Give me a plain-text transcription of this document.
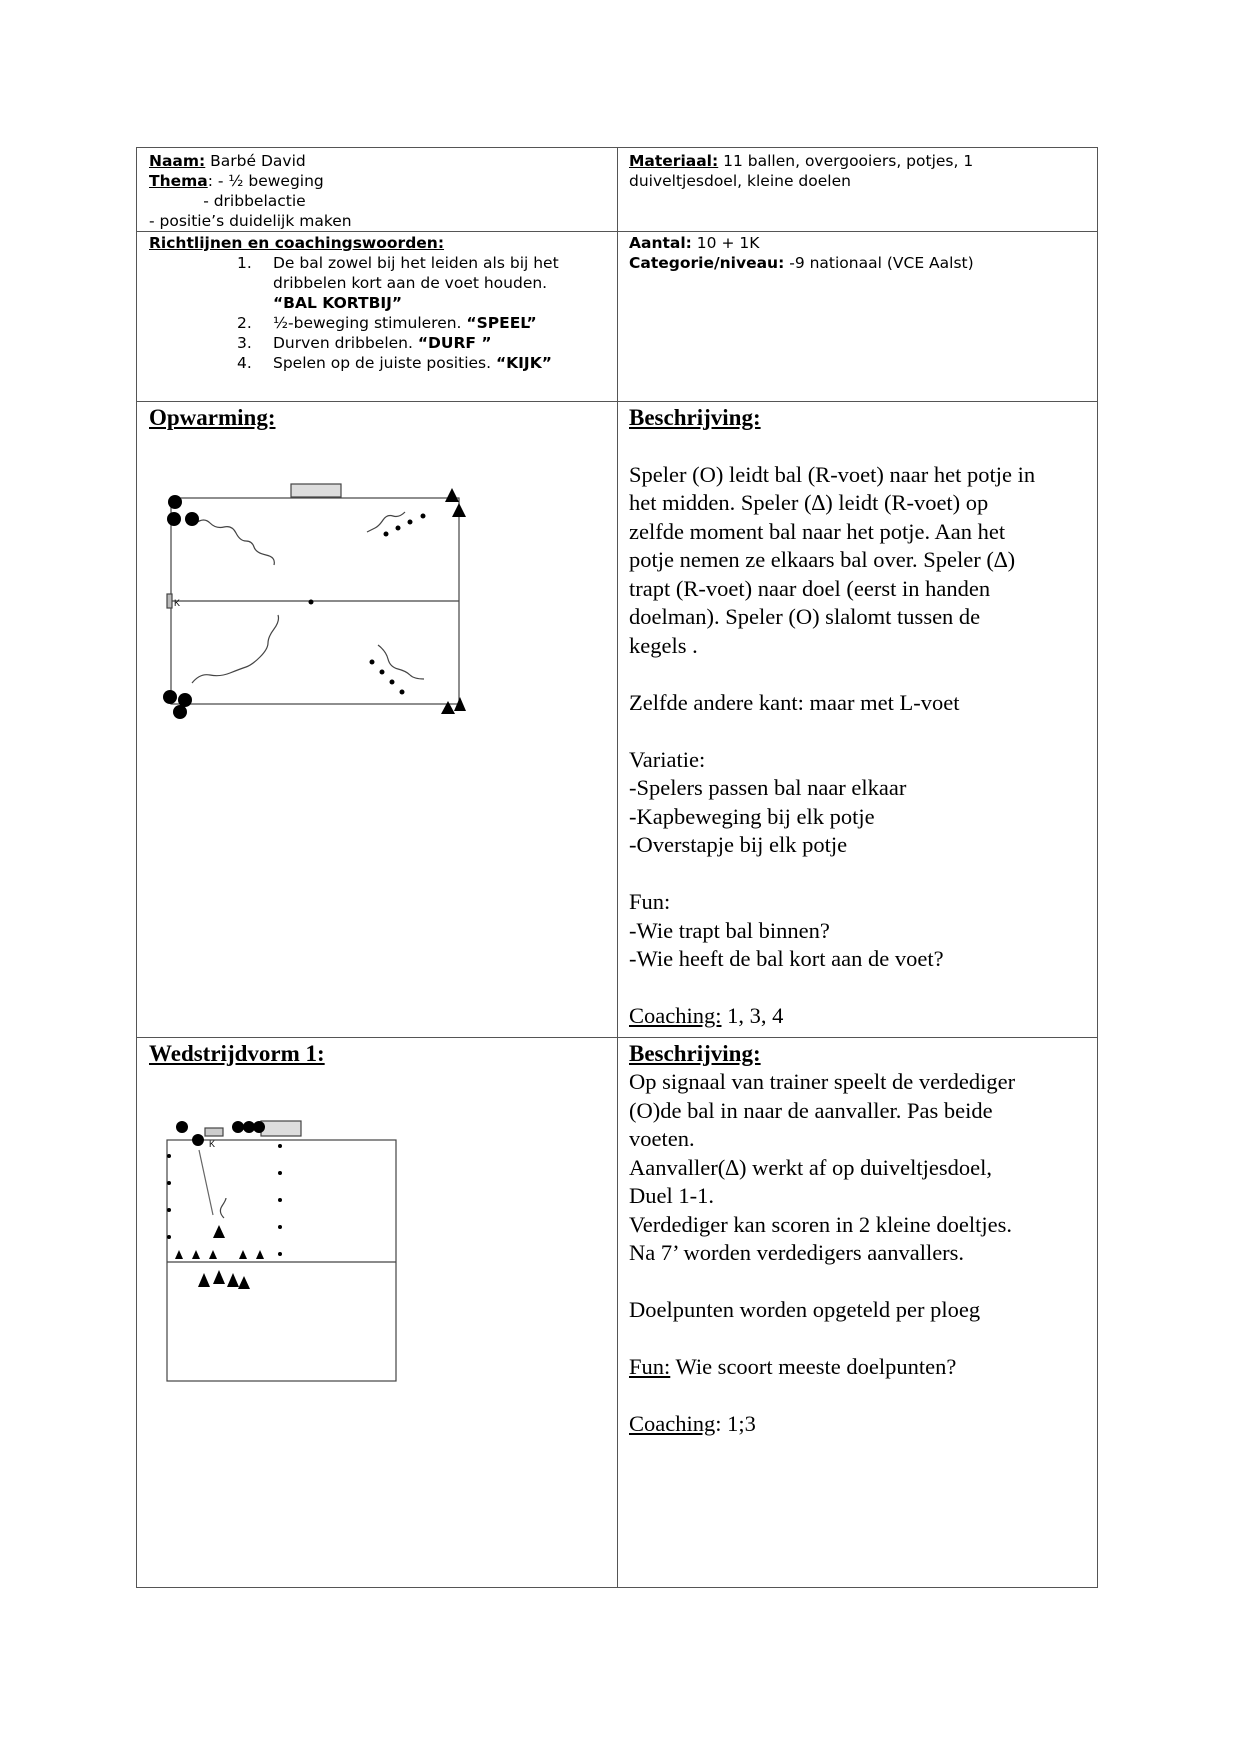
Naam: Barbé David
Thema: - ½ beweging
- dribbelactie
- positie’s duidelijk maken
Materiaal: 11 ballen, overgooiers, potjes, 1
duiveltjesdoel, kleine doelen
Richtlijnen en coachingswoorden:
1. De bal zowel bij het leiden als bij het
dribbelen kort aan de voet houden.
“BAL KORTBIJ”
2. ½-beweging stimuleren. “SPEEL”
3. Durven dribbelen. “DURF ”
4. Spelen op de juiste posities. “KIJK”
Aantal: 10 + 1K
Categorie/niveau: -9 nationaal (VCE Aalst)
Opwarming:
K
Beschrijving:
Speler (O) leidt bal (R-voet) naar het potje in
het midden. Speler (∆) leidt (R-voet) op
zelfde moment bal naar het potje. Aan het
potje nemen ze elkaars bal over. Speler (∆)
trapt (R-voet) naar doel (eerst in handen
doelman). Speler (O) slalomt tussen de
kegels .
Zelfde andere kant: maar met L-voet
Variatie:
-Spelers passen bal naar elkaar
-Kapbeweging bij elk potje
-Overstapje bij elk potje
Fun:
-Wie trapt bal binnen?
-Wie heeft de bal kort aan de voet?
Coaching: 1, 3, 4
Wedstrijdvorm 1:
K
Beschrijving:
Op signaal van trainer speelt de verdediger
(O)de bal in naar de aanvaller. Pas beide
voeten.
Aanvaller(∆) werkt af op duiveltjesdoel,
Duel 1-1.
Verdediger kan scoren in 2 kleine doeltjes.
Na 7’ worden verdedigers aanvallers.
Doelpunten worden opgeteld per ploeg
Fun: Wie scoort meeste doelpunten?
Coaching: 1;3
